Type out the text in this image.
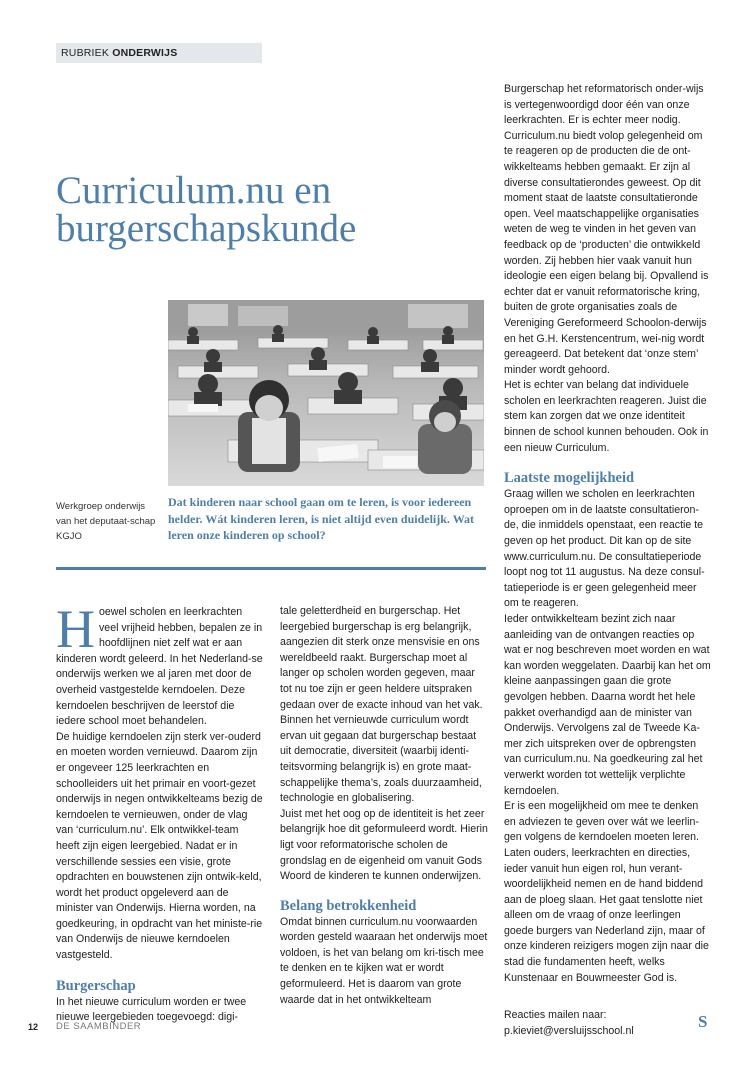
RUBRIEK ONDERWIJS
Curriculum.nu en
burgerschapskunde
Werkgroep onderwijs van het deputaat-schap KGJO
Dat kinderen naar school gaan om te leren, is voor iedereen helder. Wát kinderen leren, is niet altijd even duidelijk. Wat leren onze kinderen op school?

Hoewel scholen en leerkrachten veel vrijheid hebben, bepalen ze in hoofdlijnen niet zelf wat er aan kinderen wordt geleerd. In het Nederland-se onderwijs werken we al jaren met door de overheid vastgestelde kerndoelen. Deze kerndoelen beschrijven de leerstof die iedere school moet behandelen.

De huidige kerndoelen zijn sterk ver-ouderd en moeten worden vernieuwd. Daarom zijn er ongeveer 125 leerkrachten en schoolleiders uit het primair en voort-gezet onderwijs in negen ontwikkelteams bezig de kerndoelen te vernieuwen, onder de vlag van ‘curriculum.nu’. Elk ontwikkel-team heeft zijn eigen leergebied. Nadat er in verschillende sessies een visie, grote opdrachten en bouwstenen zijn ontwik-keld, wordt het product opgeleverd aan de minister van Onderwijs. Hierna worden, na goedkeuring, in opdracht van het ministe-rie van Onderwijs de nieuwe kerndoelen vastgesteld.

Burgerschap

In het nieuwe curriculum worden er twee nieuwe leergebieden toegevoegd: digi-

tale geletterdheid en burgerschap. Het leergebied burgerschap is erg belangrijk, aangezien dit sterk onze mensvisie en ons wereldbeeld raakt. Burgerschap moet al langer op scholen worden gegeven, maar tot nu toe zijn er geen heldere uitspraken gedaan over de exacte inhoud van het vak. Binnen het vernieuwde curriculum wordt ervan uit gegaan dat burgerschap bestaat uit democratie, diversiteit (waarbij identi-teitsvorming belangrijk is) en grote maat-schappelijke thema’s, zoals duurzaamheid, technologie en globalisering.

Juist met het oog op de identiteit is het zeer belangrijk hoe dit geformuleerd wordt. Hierin ligt voor reformatorische scholen de grondslag en de eigenheid om vanuit Gods Woord de kinderen te kunnen onderwijzen.

Belang betrokkenheid

Omdat binnen curriculum.nu voorwaarden worden gesteld waaraan het onderwijs moet voldoen, is het van belang om kri-tisch mee te denken en te kijken wat er wordt geformuleerd. Het is daarom van grote waarde dat in het ontwikkelteam

Burgerschap het reformatorisch onder-wijs is vertegenwoordigd door één van onze leerkrachten. Er is echter meer nodig. Curriculum.nu biedt volop gelegenheid om te reageren op de producten die de ont-wikkelteams hebben gemaakt. Er zijn al diverse consultatierondes geweest. Op dit moment staat de laatste consultatieronde open. Veel maatschappelijke organisaties weten de weg te vinden in het geven van feedback op de ‘producten’ die ontwikkeld worden. Zij hebben hier vaak vanuit hun ideologie een eigen belang bij. Opvallend is echter dat er vanuit reformatorische kring, buiten de grote organisaties zoals de Vereniging Gereformeerd Schoolon-derwijs en het G.H. Kerstencentrum, wei-nig wordt gereageerd. Dat betekent dat ‘onze stem’ minder wordt gehoord.

Het is echter van belang dat individuele scholen en leerkrachten reageren. Juist die stem kan zorgen dat we onze identiteit binnen de school kunnen behouden. Ook in een nieuw Curriculum.

Laatste mogelijkheid

Graag willen we scholen en leerkrachten oproepen om in de laatste consultatieron-de, die inmiddels openstaat, een reactie te geven op het product. Dit kan op de site www.curriculum.nu. De consultatieperiode loopt nog tot 11 augustus. Na deze consul-tatieperiode is er geen gelegenheid meer om te reageren.

Ieder ontwikkelteam bezint zich naar aanleiding van de ontvangen reacties op wat er nog beschreven moet worden en wat kan worden weggelaten. Daarbij kan het om kleine aanpassingen gaan die grote gevolgen hebben. Daarna wordt het hele pakket overhandigd aan de minister van Onderwijs. Vervolgens zal de Tweede Ka-mer zich uitspreken over de opbrengsten van curriculum.nu. Na goedkeuring zal het verwerkt worden tot wettelijk verplichte kerndoelen.

Er is een mogelijkheid om mee te denken en adviezen te geven over wát we leerlin-gen volgens de kerndoelen moeten leren. Laten ouders, leerkrachten en directies, ieder vanuit hun eigen rol, hun verant-woordelijkheid nemen en de hand biddend aan de ploeg slaan. Het gaat tenslotte niet alleen om de vraag of onze leerlingen goede burgers van Nederland zijn, maar of onze kinderen reizigers mogen zijn naar die stad die fundamenten heeft, welks Kunstenaar en Bouwmeester God is.

Reacties mailen naar:

p.kieviet@versluijsschool.nl

12 DE SAAMBINDER	S
